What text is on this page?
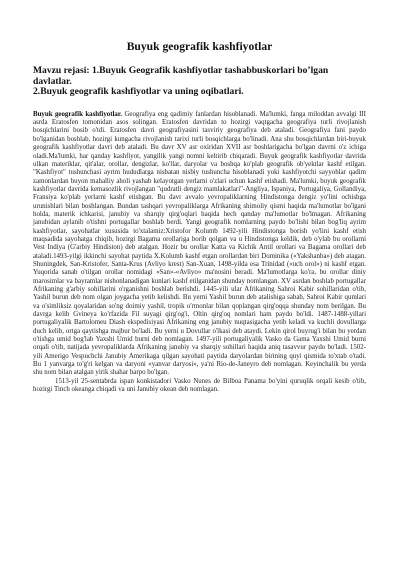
Buyuk geografik kashfiyotlar
Mavzu rejasi: 1.Buyuk Geografik kashfiyotlar tashabbuskorlari bo’lgan davlatlar.
2.Buyuk geografik kashfiyotlar va uning oqibatlari.

Buyuk geografik kashfiyotlar. Geografiya eng qadimiy fanlardan hisoblanadi. Ma'lumki, fanga miloddan avvalgi III asrda Eratosfen tomonidan asos solingan. Eratosfen davridan to hozirgi vaqtgacha geografiya turli rivojlanish bosqichlarini bosib o'tdi. Eratosfen davri geografiyasini tasviriy geografiya deb ataladi. Geografiya fani paydo bo'lganidan boshlab, hozirgi kungacha rivojlanish tarixi turli bosqichlarga bo'linadi. Ana shu bosqichlardan biri-buyuk geografik kashfiyotlar davri deb ataladi. Bu davr XV asr oxiridan XVII asr boshlarigacha bo'lgan davrni o'z ichiga oladi.Ma'lumki, har qanday kashfiyot, yangilik yangi nomni keltirib chiqaradi. Buyuk geografik kashfiyotlar davrida ulkan materiklar, qit'alar, orollar, dengizlar, ko'llar, daryolar va boshqa ko'plab geografik ob'yektlar kashf etilgan. "Kashfiyot" tushunchasi ayrim hududlarga nisbatan nisbiy tushuncha hisoblanadi yoki kashfiyotchi sayyohlar qadim zamonlardan buyon mahalliy aholi yashab kelayotgan yerlarni o'zlari uchun kashf etishadi. Ma'lumki, buyuk geografik kashfiyotlar davrida kemasozlik rivojlangan "qudratli dengiz mamlakatlari"-Angliya, Ispaniya, Portugaliya, Gollandiya, Fransiya ko'plab yerlarni kashf etishgan. Bu davr avvalo yevropaliklarning Hindistonga dengiz yo'lini ochishga urunishlari bilan boshlangan. Bundan tashqari yevropaliklarga Afrikaning shimoliy qismi haqida ma'lumotlar bo'lgani holda, materik ichkarisi, janubiy va sharqiy qirg'oqlari haqida hech qanday ma'lumotlar bo'lmagan. Afrikaning janubidan aylanib o'tishni portugallar boshlab berdi. Yangi geografik nomlarning paydo bo'lishi bilan bog'liq ayrim kashfiyotlar, sayohatlar xususida to'xtalamiz:Xristofor Kolumb 1492-yili Hindistonga borish yo'lini kashf etish maqsadida sayohatga chiqib, hozirgi Bagama orollariga borib qolgan va u Hindistonga keldik, deb o'ylab bu orollarni Vest Indiya (G'arbiy Hindiston) deb atalgan. Hozir bu orollar Katta va Kichik Antil orollari va Bagama orollari deb ataladi.1493-yilgi ikkinchi sayohat paytida X.Kolumb kashf etgan orollardan biri Dominika («Yakshanba») deb atagan. Shuningdek, San-Kristofer, Santa-Krus (Avliyo krest) San-Xuan, 1498-yilda esa Trinidad («uch orol») ni kashf etgan. Yuqorida sanab o'tilgan orollar nomidagi «San»-«Avliyo» ma'nosini beradi. Ma'lumotlarga ko'ra, bu orollar diniy marosimlar va bayramlar nishonlanadigan kunlari kashf etilganidan shunday nomlangan. XV asrdan boshlab portugallar Afrikaning g'arbiy sohillarini o'rganishni boshlab berishdi. 1445-yili ular Afrikaning Sahroi Kabir sohillaridan o'tib, Yashil burun deb nom olgan joygacha yetib kelishdi. Bu yerni Yashil burun deb atalishiga sabab, Sahroi Kabir qumlari va o'simliksiz qoyalaridan so'ng doimiy yashil, tropik o'rmonlar bilan qoplangan qirg'oqqa shunday nom berilgan. Bu davrga kelib Gvineya ko'rfazida Fil suyagi qirg'og'i, Oltin qirg'oq nomlari ham paydo bo'ldi. 1487-1488-yillari portugaliyalik Bartolomeu Diash ekspedisiyasi Afrikaning eng janubiy nuqtasigacha yetib keladi va kuchli dovullarga duch kelib, ortga qaytishga majbur bo'ladi. Bu yerni u Dovullar o'lkasi deb ataydi. Lekin qirol buyrug'i bilan bu yerdan o'tishga umid bog'lab Yaxshi Umid burni deb nomlagan. 1497-yili portugaliyalik Vasko da Gama Yaxshi Umid burni orqali o'tib, natijada yevropaliklarda Afrikaning janubiy va sharqiy sohillari haqida aniq tasavvur paydo bo'ladi. 1502-yili Amerigo Vespuchchi Janubiy Amerikaga qilgan sayohati paytida daryolardan birining quyi qismida to'xtab o'tadi. Bu 1 yanvarga to'g'ri kelgan va daryoni «yanvar daryosi», ya'ni Rio-de-Janeyro deb nomlagan. Keyinchalik bu yerda shu nom bilan atalgan yirik shahar barpo bo'lgan.

1513-yil 25-sentabrda ispan konkistadori Vasko Nunes de Bilboa Panama bo'yini quruqlik orqali kesib o'tib, hozirgi Tinch okeanga chiqadi va uni Janubiy okean deb nomlagan.
